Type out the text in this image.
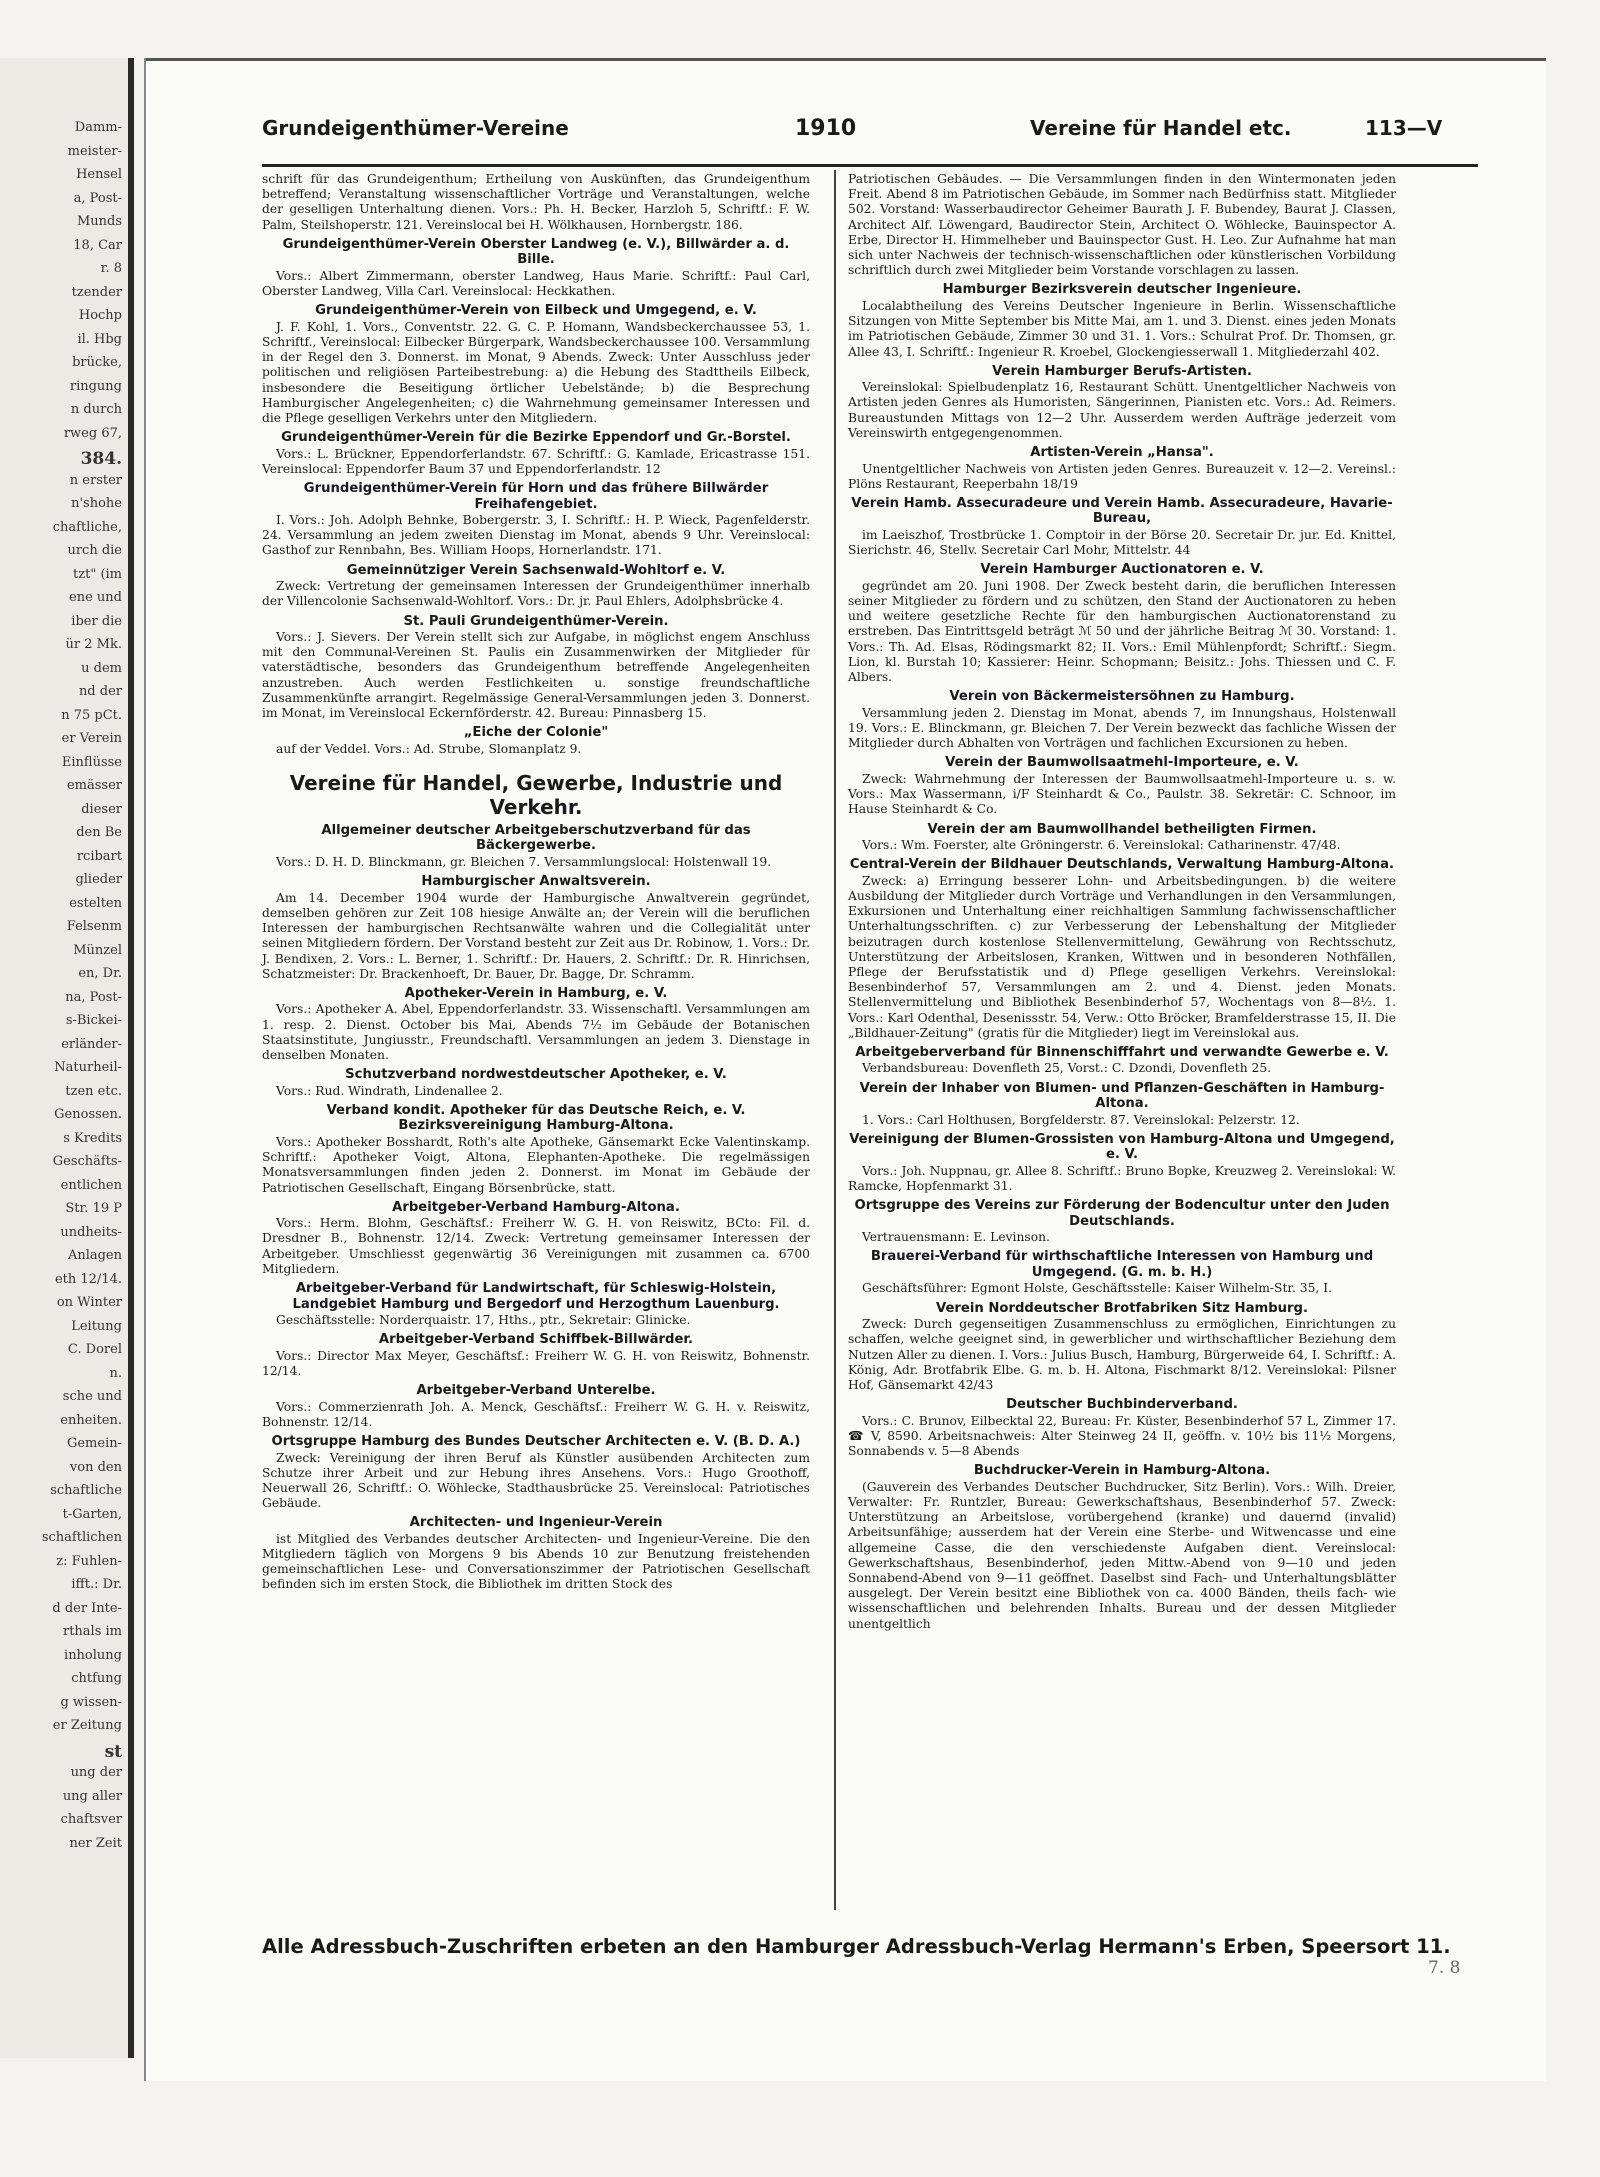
Damm-
meister-
Hensel
a, Post-
Munds
18, Car
r. 8
tzender
Hochp
il. Hbg
brücke,
ringung
n durch
rweg 67,
384.
n erster
n'shohe
chaftliche,
urch die
tzt" (im
ene und
iber die
ür 2 Mk.
u dem
nd der
n 75 pCt.
er Verein
Einflüsse
emässer
dieser
den Be
rcibart
glieder
estelten
Felsenm
Münzel
en, Dr.
na, Post-
s-Bickei-
erländer-
Naturheil-
tzen etc.
Genossen.
s Kredits
Geschäfts-
entlichen
Str. 19 P
undheits-
Anlagen
eth 12/14.
on Winter
Leitung
C. Dorel
n.
sche und
enheiten.
Gemein-
von den
schaftliche
t-Garten,
schaftlichen
z: Fuhlen-
ifft.: Dr.
d der Inte-
rthals im
inholung
chtfung
g wissen-
er Zeitung
st
ung der
ung aller
chaftsver
ner Zeit
Grundeigenthümer-Vereine	1910	Vereine für Handel etc.	113—V

schrift für das Grundeigenthum; Ertheilung von Auskünften, das Grundeigenthum betreffend; Veranstaltung wissenschaftlicher Vorträge und Veranstaltungen, welche der geselligen Unterhaltung dienen. Vors.: Ph. H. Becker, Harzloh 5, Schriftf.: F. W. Palm, Steilshoperstr. 121. Vereinslocal bei H. Wölkhausen, Hornbergstr. 186.

Grundeigenthümer-Verein Oberster Landweg (e. V.), Billwärder a. d. Bille.

Vors.: Albert Zimmermann, oberster Landweg, Haus Marie. Schriftf.: Paul Carl, Oberster Landweg, Villa Carl. Vereinslocal: Heckkathen.

Grundeigenthümer-Verein von Eilbeck und Umgegend, e. V.

J. F. Kohl, 1. Vors., Conventstr. 22. G. C. P. Homann, Wandsbeckerchaussee 53, 1. Schriftf., Vereinslocal: Eilbecker Bürgerpark, Wandsbeckerchaussee 100. Versammlung in der Regel den 3. Donnerst. im Monat, 9 Abends. Zweck: Unter Ausschluss jeder politischen und religiösen Parteibestrebung: a) die Hebung des Stadttheils Eilbeck, insbesondere die Beseitigung örtlicher Uebelstände; b) die Besprechung Hamburgischer Angelegenheiten; c) die Wahrnehmung gemeinsamer Interessen und die Pflege geselligen Verkehrs unter den Mitgliedern.

Grundeigenthümer-Verein für die Bezirke Eppendorf und Gr.-Borstel.

Vors.: L. Brückner, Eppendorferlandstr. 67. Schriftf.: G. Kamlade, Ericastrasse 151. Vereinslocal: Eppendorfer Baum 37 und Eppendorferlandstr. 12

Grundeigenthümer-Verein für Horn und das frühere Billwärder Freihafengebiet.

I. Vors.: Joh. Adolph Behnke, Bobergerstr. 3, I. Schriftf.: H. P. Wieck, Pagenfelderstr. 24. Versammlung an jedem zweiten Dienstag im Monat, abends 9 Uhr. Vereinslocal: Gasthof zur Rennbahn, Bes. William Hoops, Hornerlandstr. 171.

Gemeinnütziger Verein Sachsenwald-Wohltorf e. V.

Zweck: Vertretung der gemeinsamen Interessen der Grundeigenthümer innerhalb der Villencolonie Sachsenwald-Wohltorf. Vors.: Dr. jr. Paul Ehlers, Adolphsbrücke 4.

St. Pauli Grundeigenthümer-Verein.

Vors.: J. Sievers. Der Verein stellt sich zur Aufgabe, in möglichst engem Anschluss mit den Communal-Vereinen St. Paulis ein Zusammenwirken der Mitglieder für vaterstädtische, besonders das Grundeigenthum betreffende Angelegenheiten anzustreben. Auch werden Festlichkeiten u. sonstige freundschaftliche Zusammenkünfte arrangirt. Regelmässige General-Versammlungen jeden 3. Donnerst. im Monat, im Vereinslocal Eckernförderstr. 42. Bureau: Pinnasberg 15.

„Eiche der Colonie"

auf der Veddel. Vors.: Ad. Strube, Slomanplatz 9.

Vereine für Handel, Gewerbe, Industrie und Verkehr.
Allgemeiner deutscher Arbeitgeberschutzverband für das Bäckergewerbe.

Vors.: D. H. D. Blinckmann, gr. Bleichen 7. Versammlungslocal: Holstenwall 19.

Hamburgischer Anwaltsverein.

Am 14. December 1904 wurde der Hamburgische Anwaltverein gegründet, demselben gehören zur Zeit 108 hiesige Anwälte an; der Verein will die beruflichen Interessen der hamburgischen Rechtsanwälte wahren und die Collegialität unter seinen Mitgliedern fördern. Der Vorstand besteht zur Zeit aus Dr. Robinow, 1. Vors.: Dr. J. Bendixen, 2. Vors.: L. Berner, 1. Schriftf.: Dr. Hauers, 2. Schriftf.: Dr. R. Hinrichsen, Schatzmeister: Dr. Brackenhoeft, Dr. Bauer, Dr. Bagge, Dr. Schramm.

Apotheker-Verein in Hamburg, e. V.

Vors.: Apotheker A. Abel, Eppendorferlandstr. 33. Wissenschaftl. Versammlungen am 1. resp. 2. Dienst. October bis Mai, Abends 7½ im Gebäude der Botanischen Staatsinstitute, Jungiusstr., Freundschaftl. Versammlungen an jedem 3. Dienstage in denselben Monaten.

Schutzverband nordwestdeutscher Apotheker, e. V.

Vors.: Rud. Windrath, Lindenallee 2.

Verband kondit. Apotheker für das Deutsche Reich, e. V. Bezirksvereinigung Hamburg-Altona.

Vors.: Apotheker Bosshardt, Roth's alte Apotheke, Gänsemarkt Ecke Valentinskamp. Schriftf.: Apotheker Voigt, Altona, Elephanten-Apotheke. Die regelmässigen Monatsversammlungen finden jeden 2. Donnerst. im Monat im Gebäude der Patriotischen Gesellschaft, Eingang Börsenbrücke, statt.

Arbeitgeber-Verband Hamburg-Altona.

Vors.: Herm. Blohm, Geschäftsf.: Freiherr W. G. H. von Reiswitz, BCto: Fil. d. Dresdner B., Bohnenstr. 12/14. Zweck: Vertretung gemeinsamer Interessen der Arbeitgeber. Umschliesst gegenwärtig 36 Vereinigungen mit zusammen ca. 6700 Mitgliedern.

Arbeitgeber-Verband für Landwirtschaft, für Schleswig-Holstein, Landgebiet Hamburg und Bergedorf und Herzogthum Lauenburg.

Geschäftsstelle: Norderquaistr. 17, Hths., ptr., Sekretair: Glinicke.

Arbeitgeber-Verband Schiffbek-Billwärder.

Vors.: Director Max Meyer, Geschäftsf.: Freiherr W. G. H. von Reiswitz, Bohnenstr. 12/14.

Arbeitgeber-Verband Unterelbe.

Vors.: Commerzienrath Joh. A. Menck, Geschäftsf.: Freiherr W. G. H. v. Reiswitz, Bohnenstr. 12/14.

Ortsgruppe Hamburg des Bundes Deutscher Architecten e. V. (B. D. A.)

Zweck: Vereinigung der ihren Beruf als Künstler ausübenden Architecten zum Schutze ihrer Arbeit und zur Hebung ihres Ansehens. Vors.: Hugo Groothoff, Neuerwall 26, Schriftf.: O. Wöhlecke, Stadthausbrücke 25. Vereinslocal: Patriotisches Gebäude.

Architecten- und Ingenieur-Verein

ist Mitglied des Verbandes deutscher Architecten- und Ingenieur-Vereine. Die den Mitgliedern täglich von Morgens 9 bis Abends 10 zur Benutzung freistehenden gemeinschaftlichen Lese- und Conversationszimmer der Patriotischen Gesellschaft befinden sich im ersten Stock, die Bibliothek im dritten Stock des

Patriotischen Gebäudes. — Die Versammlungen finden in den Wintermonaten jeden Freit. Abend 8 im Patriotischen Gebäude, im Sommer nach Bedürfniss statt. Mitglieder 502. Vorstand: Wasserbaudirector Geheimer Baurath J. F. Bubendey, Baurat J. Classen, Architect Alf. Löwengard, Baudirector Stein, Architect O. Wöhlecke, Bauinspector A. Erbe, Director H. Himmelheber und Bauinspector Gust. H. Leo. Zur Aufnahme hat man sich unter Nachweis der technisch-wissenschaftlichen oder künstlerischen Vorbildung schriftlich durch zwei Mitglieder beim Vorstande vorschlagen zu lassen.

Hamburger Bezirksverein deutscher Ingenieure.

Localabtheilung des Vereins Deutscher Ingenieure in Berlin. Wissenschaftliche Sitzungen von Mitte September bis Mitte Mai, am 1. und 3. Dienst. eines jeden Monats im Patriotischen Gebäude, Zimmer 30 und 31. 1. Vors.: Schulrat Prof. Dr. Thomsen, gr. Allee 43, I. Schriftf.: Ingenieur R. Kroebel, Glockengiesserwall 1. Mitgliederzahl 402.

Verein Hamburger Berufs-Artisten.

Vereinslokal: Spielbudenplatz 16, Restaurant Schütt. Unentgeltlicher Nachweis von Artisten jeden Genres als Humoristen, Sängerinnen, Pianisten etc. Vors.: Ad. Reimers. Bureaustunden Mittags von 12—2 Uhr. Ausserdem werden Aufträge jederzeit vom Vereinswirth entgegengenommen.

Artisten-Verein „Hansa".

Unentgeltlicher Nachweis von Artisten jeden Genres. Bureauzeit v. 12—2. Vereinsl.: Plöns Restaurant, Reeperbahn 18/19

Verein Hamb. Assecuradeure und Verein Hamb. Assecuradeure, Havarie-Bureau,

im Laeiszhof, Trostbrücke 1. Comptoir in der Börse 20. Secretair Dr. jur. Ed. Knittel, Sierichstr. 46, Stellv. Secretair Carl Mohr, Mittelstr. 44

Verein Hamburger Auctionatoren e. V.

gegründet am 20. Juni 1908. Der Zweck besteht darin, die beruflichen Interessen seiner Mitglieder zu fördern und zu schützen, den Stand der Auctionatoren zu heben und weitere gesetzliche Rechte für den hamburgischen Auctionatorenstand zu erstreben. Das Eintrittsgeld beträgt ℳ 50 und der jährliche Beitrag ℳ 30. Vorstand: 1. Vors.: Th. Ad. Elsas, Rödingsmarkt 82; II. Vors.: Emil Mühlenpfordt; Schriftf.: Siegm. Lion, kl. Burstah 10; Kassierer: Heinr. Schopmann; Beisitz.: Johs. Thiessen und C. F. Albers.

Verein von Bäckermeistersöhnen zu Hamburg.

Versammlung jeden 2. Dienstag im Monat, abends 7, im Innungshaus, Holstenwall 19. Vors.: E. Blinckmann, gr. Bleichen 7. Der Verein bezweckt das fachliche Wissen der Mitglieder durch Abhalten von Vorträgen und fachlichen Excursionen zu heben.

Verein der Baumwollsaatmehl-Importeure, e. V.

Zweck: Wahrnehmung der Interessen der Baumwollsaatmehl-Importeure u. s. w. Vors.: Max Wassermann, i/F Steinhardt & Co., Paulstr. 38. Sekretär: C. Schnoor, im Hause Steinhardt & Co.

Verein der am Baumwollhandel betheiligten Firmen.

Vors.: Wm. Foerster, alte Gröningerstr. 6. Vereinslokal: Catharinenstr. 47/48.

Central-Verein der Bildhauer Deutschlands, Verwaltung Hamburg-Altona.

Zweck: a) Erringung besserer Lohn- und Arbeitsbedingungen. b) die weitere Ausbildung der Mitglieder durch Vorträge und Verhandlungen in den Versammlungen, Exkursionen und Unterhaltung einer reichhaltigen Sammlung fachwissenschaftlicher Unterhaltungsschriften. c) zur Verbesserung der Lebenshaltung der Mitglieder beizutragen durch kostenlose Stellenvermittelung, Gewährung von Rechtsschutz, Unterstützung der Arbeitslosen, Kranken, Wittwen und in besonderen Nothfällen, Pflege der Berufsstatistik und d) Pflege geselligen Verkehrs. Vereinslokal: Besenbinderhof 57, Versammlungen am 2. und 4. Dienst. jeden Monats. Stellenvermittelung und Bibliothek Besenbinderhof 57, Wochentags von 8—8½. 1. Vors.: Karl Odenthal, Desenissstr. 54, Verw.: Otto Bröcker, Bramfelderstrasse 15, II. Die „Bildhauer-Zeitung" (gratis für die Mitglieder) liegt im Vereinslokal aus.

Arbeitgeberverband für Binnenschifffahrt und verwandte Gewerbe e. V.

Verbandsbureau: Dovenfleth 25, Vorst.: C. Dzondi, Dovenfleth 25.

Verein der Inhaber von Blumen- und Pflanzen-Geschäften in Hamburg-Altona.

1. Vors.: Carl Holthusen, Borgfelderstr. 87. Vereinslokal: Pelzerstr. 12.

Vereinigung der Blumen-Grossisten von Hamburg-Altona und Umgegend, e. V.

Vors.: Joh. Nuppnau, gr. Allee 8. Schriftf.: Bruno Bopke, Kreuzweg 2. Vereinslokal: W. Ramcke, Hopfenmarkt 31.

Ortsgruppe des Vereins zur Förderung der Bodencultur unter den Juden Deutschlands.

Vertrauensmann: E. Levinson.

Brauerei-Verband für wirthschaftliche Interessen von Hamburg und Umgegend. (G. m. b. H.)

Geschäftsführer: Egmont Holste, Geschäftsstelle: Kaiser Wilhelm-Str. 35, I.

Verein Norddeutscher Brotfabriken Sitz Hamburg.

Zweck: Durch gegenseitigen Zusammenschluss zu ermöglichen, Einrichtungen zu schaffen, welche geeignet sind, in gewerblicher und wirthschaftlicher Beziehung dem Nutzen Aller zu dienen. I. Vors.: Julius Busch, Hamburg, Bürgerweide 64, I. Schriftf.: A. König, Adr. Brotfabrik Elbe. G. m. b. H. Altona, Fischmarkt 8/12. Vereinslokal: Pilsner Hof, Gänsemarkt 42/43

Deutscher Buchbinderverband.

Vors.: C. Brunov, Eilbecktal 22, Bureau: Fr. Küster, Besenbinderhof 57 L, Zimmer 17. ☎ V, 8590. Arbeitsnachweis: Alter Steinweg 24 II, geöffn. v. 10½ bis 11½ Morgens, Sonnabends v. 5—8 Abends

Buchdrucker-Verein in Hamburg-Altona.

(Gauverein des Verbandes Deutscher Buchdrucker, Sitz Berlin). Vors.: Wilh. Dreier, Verwalter: Fr. Runtzler, Bureau: Gewerkschaftshaus, Besenbinderhof 57. Zweck: Unterstützung an Arbeitslose, vorübergehend (kranke) und dauernd (invalid) Arbeitsunfähige; ausserdem hat der Verein eine Sterbe- und Witwencasse und eine allgemeine Casse, die den verschiedenste Aufgaben dient. Vereinslocal: Gewerkschaftshaus, Besenbinderhof, jeden Mittw.-Abend von 9—10 und jeden Sonnabend-Abend von 9—11 geöffnet. Daselbst sind Fach- und Unterhaltungsblätter ausgelegt. Der Verein besitzt eine Bibliothek von ca. 4000 Bänden, theils fach- wie wissenschaftlichen und belehrenden Inhalts. Bureau und der dessen Mitglieder unentgeltlich

Alle Adressbuch-Zuschriften erbeten an den Hamburger Adressbuch-Verlag Hermann's Erben, Speersort 11.
7. 8
